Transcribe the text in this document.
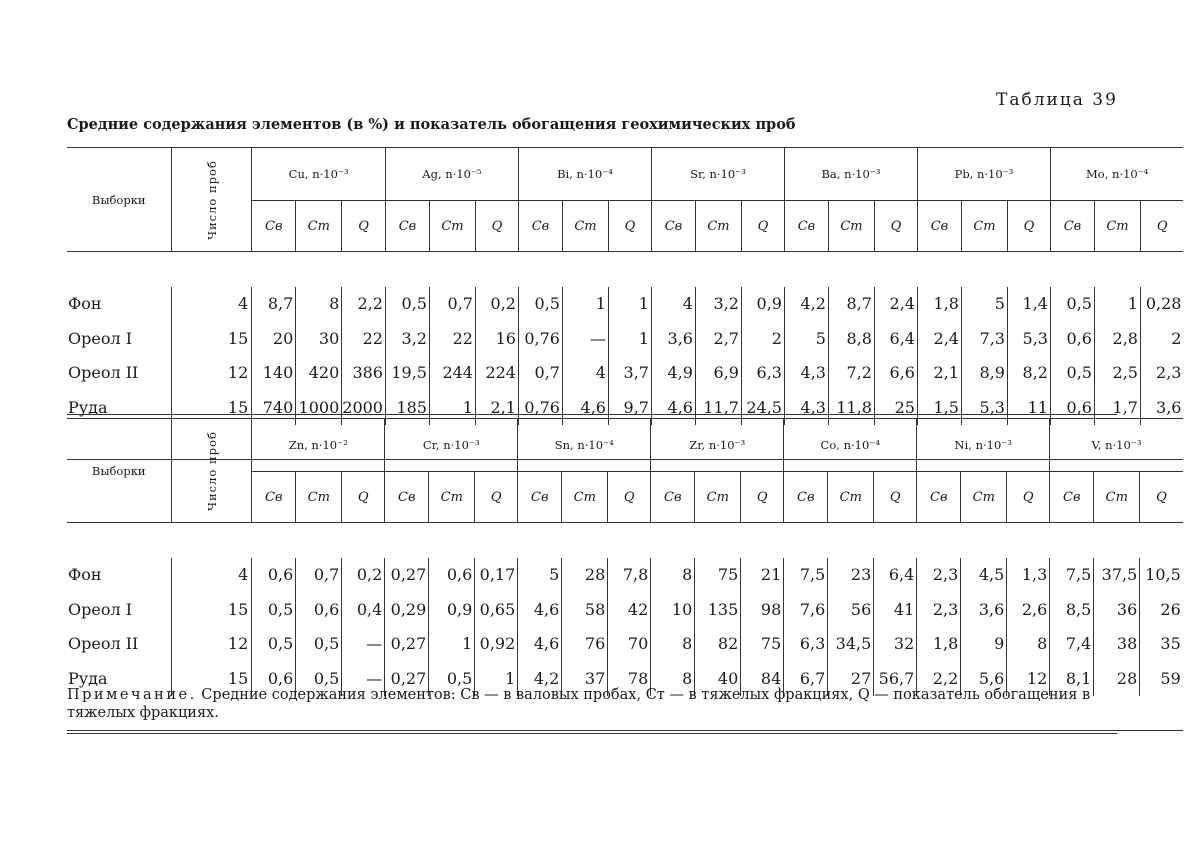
Таблица 39
Средние содержания элементов (в %) и показатель обогащения геохимических проб
Выборки	Число проб	Cu, n·10⁻³			Ag, n·10⁻⁵			Bi, n·10⁻⁴			Sr, n·10⁻³			Ba, n·10⁻³			Pb, n·10⁻³			Mo, n·10⁻⁴		
		Cв	Cт	Q	Cв	Cт	Q	Cв	Cт	Q	Cв	Cт	Q	Cв	Cт	Q	Cв	Cт	Q	Cв	Cт	Q

Фон	4	8,7	8	2,2	0,5	0,7	0,2	0,5	1	1	4	3,2	0,9	4,2	8,7	2,4	1,8	5	1,4	0,5	1	0,28
Ореол I	15	20	30	22	3,2	22	16	0,76	—	1	3,6	2,7	2	5	8,8	6,4	2,4	7,3	5,3	0,6	2,8	2
Ореол II	12	140	420	386	19,5	244	224	0,7	4	3,7	4,9	6,9	6,3	4,3	7,2	6,6	2,1	8,9	8,2	0,5	2,5	2,3
Руда	15	740	1000	2000	185	1	2,1	0,76	4,6	9,7	4,6	11,7	24,5	4,3	11,8	25	1,5	5,3	11	0,6	1,7	3,6

Выборки	Число проб	Zn, n·10⁻²			Cr, n·10⁻³			Sn, n·10⁻⁴			Zr, n·10⁻³			Co, n·10⁻⁴			Ni, n·10⁻³			V, n·10⁻³		
		Cв	Cт	Q	Cв	Cт	Q	Cв	Cт	Q	Cв	Cт	Q	Cв	Cт	Q	Cв	Cт	Q	Cв	Cт	Q

Фон	4	0,6	0,7	0,2	0,27	0,6	0,17	5	28	7,8	8	75	21	7,5	23	6,4	2,3	4,5	1,3	7,5	37,5	10,5
Ореол I	15	0,5	0,6	0,4	0,29	0,9	0,65	4,6	58	42	10	135	98	7,6	56	41	2,3	3,6	2,6	8,5	36	26
Ореол II	12	0,5	0,5	—	0,27	1	0,92	4,6	76	70	8	82	75	6,3	34,5	32	1,8	9	8	7,4	38	35
Руда	15	0,6	0,5	—	0,27	0,5	1	4,2	37	78	8	40	84	6,7	27	56,7	2,2	5,6	12	8,1	28	59

Примечание. Средние содержания элементов: Cв — в валовых пробах, Cт — в тяжелых фракциях, Q — показатель обогащения в тяжелых фракциях.
